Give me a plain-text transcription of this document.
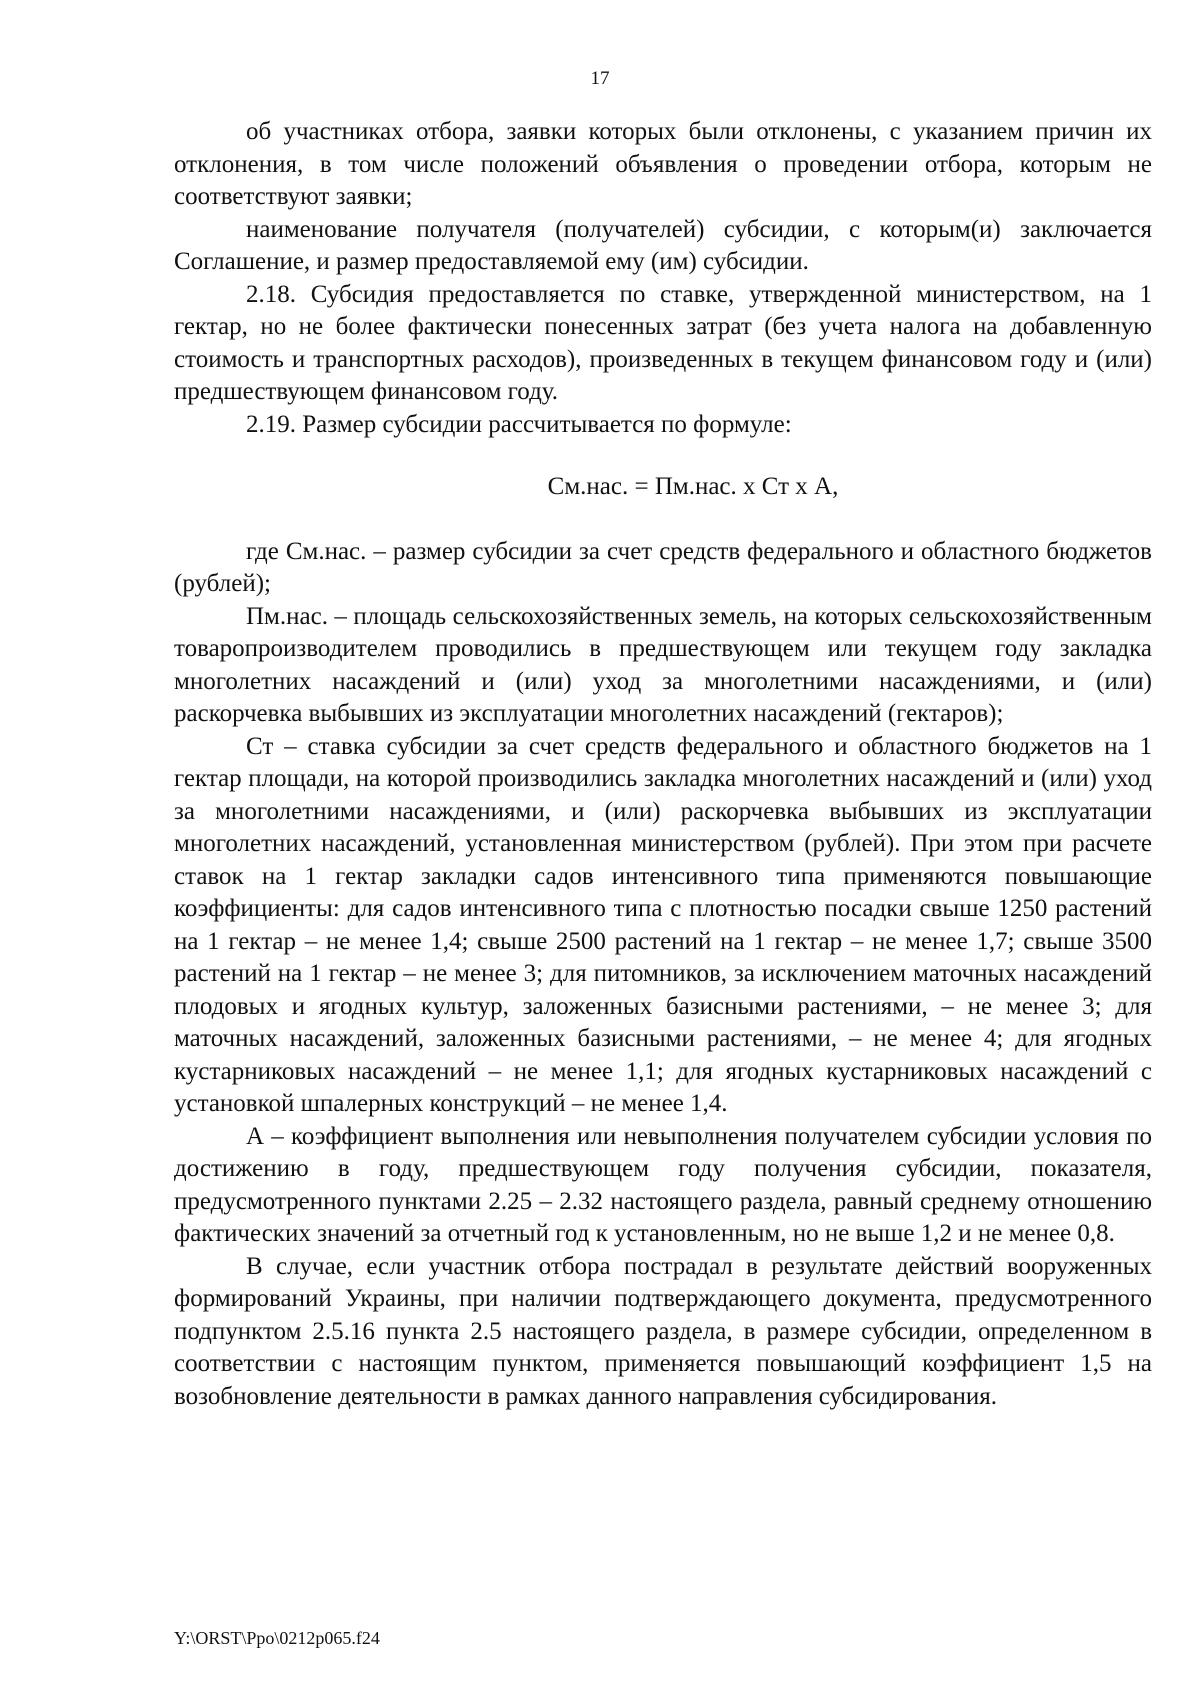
17

об участниках отбора, заявки которых были отклонены, с указанием причин их отклонения, в том числе положений объявления о проведении отбора, которым не соответствуют заявки;

наименование получателя (получателей) субсидии, с которым(и) заключается Соглашение, и размер предоставляемой ему (им) субсидии.

2.18. Субсидия предоставляется по ставке, утвержденной министерством, на 1 гектар, но не более фактически понесенных затрат (без учета налога на добавленную стоимость и транспортных расходов), произведенных в текущем финансовом году и (или) предшествующем финансовом году.

2.19. Размер субсидии рассчитывается по формуле:

См.нас. = Пм.нас. х Ст х А,

где См.нас. – размер субсидии за счет средств федерального и областного бюджетов (рублей);

Пм.нас. – площадь сельскохозяйственных земель, на которых сельскохозяйственным товаропроизводителем проводились в предшествующем или текущем году закладка многолетних насаждений и (или) уход за многолетними насаждениями, и (или) раскорчевка выбывших из эксплуатации многолетних насаждений (гектаров);

Ст – ставка субсидии за счет средств федерального и областного бюджетов на 1 гектар площади, на которой производились закладка многолетних насаждений и (или) уход за многолетними насаждениями, и (или) раскорчевка выбывших из эксплуатации многолетних насаждений, установленная министерством (рублей). При этом при расчете ставок на 1 гектар закладки садов интенсивного типа применяются повышающие коэффициенты: для садов интенсивного типа с плотностью посадки свыше 1250 растений на 1 гектар – не менее 1,4; свыше 2500 растений на 1 гектар – не менее 1,7; свыше 3500 растений на 1 гектар – не менее 3; для питомников, за исключением маточных насаждений плодовых и ягодных культур, заложенных базисными растениями, – не менее 3; для маточных насаждений, заложенных базисными растениями, – не менее 4; для ягодных кустарниковых насаждений – не менее 1,1; для ягодных кустарниковых насаждений с установкой шпалерных конструкций – не менее 1,4.

А – коэффициент выполнения или невыполнения получателем субсидии условия по достижению в году, предшествующем году получения субсидии, показателя, предусмотренного пунктами 2.25 – 2.32 настоящего раздела, равный среднему отношению фактических значений за отчетный год к установленным, но не выше 1,2 и не менее 0,8.

В случае, если участник отбора пострадал в результате действий вооруженных формирований Украины, при наличии подтверждающего документа, предусмотренного подпунктом 2.5.16 пункта 2.5 настоящего раздела, в размере субсидии, определенном в соответствии с настоящим пунктом, применяется повышающий коэффициент 1,5 на возобновление деятельности в рамках данного направления субсидирования.

Y:\ORST\Ppo\0212p065.f24
